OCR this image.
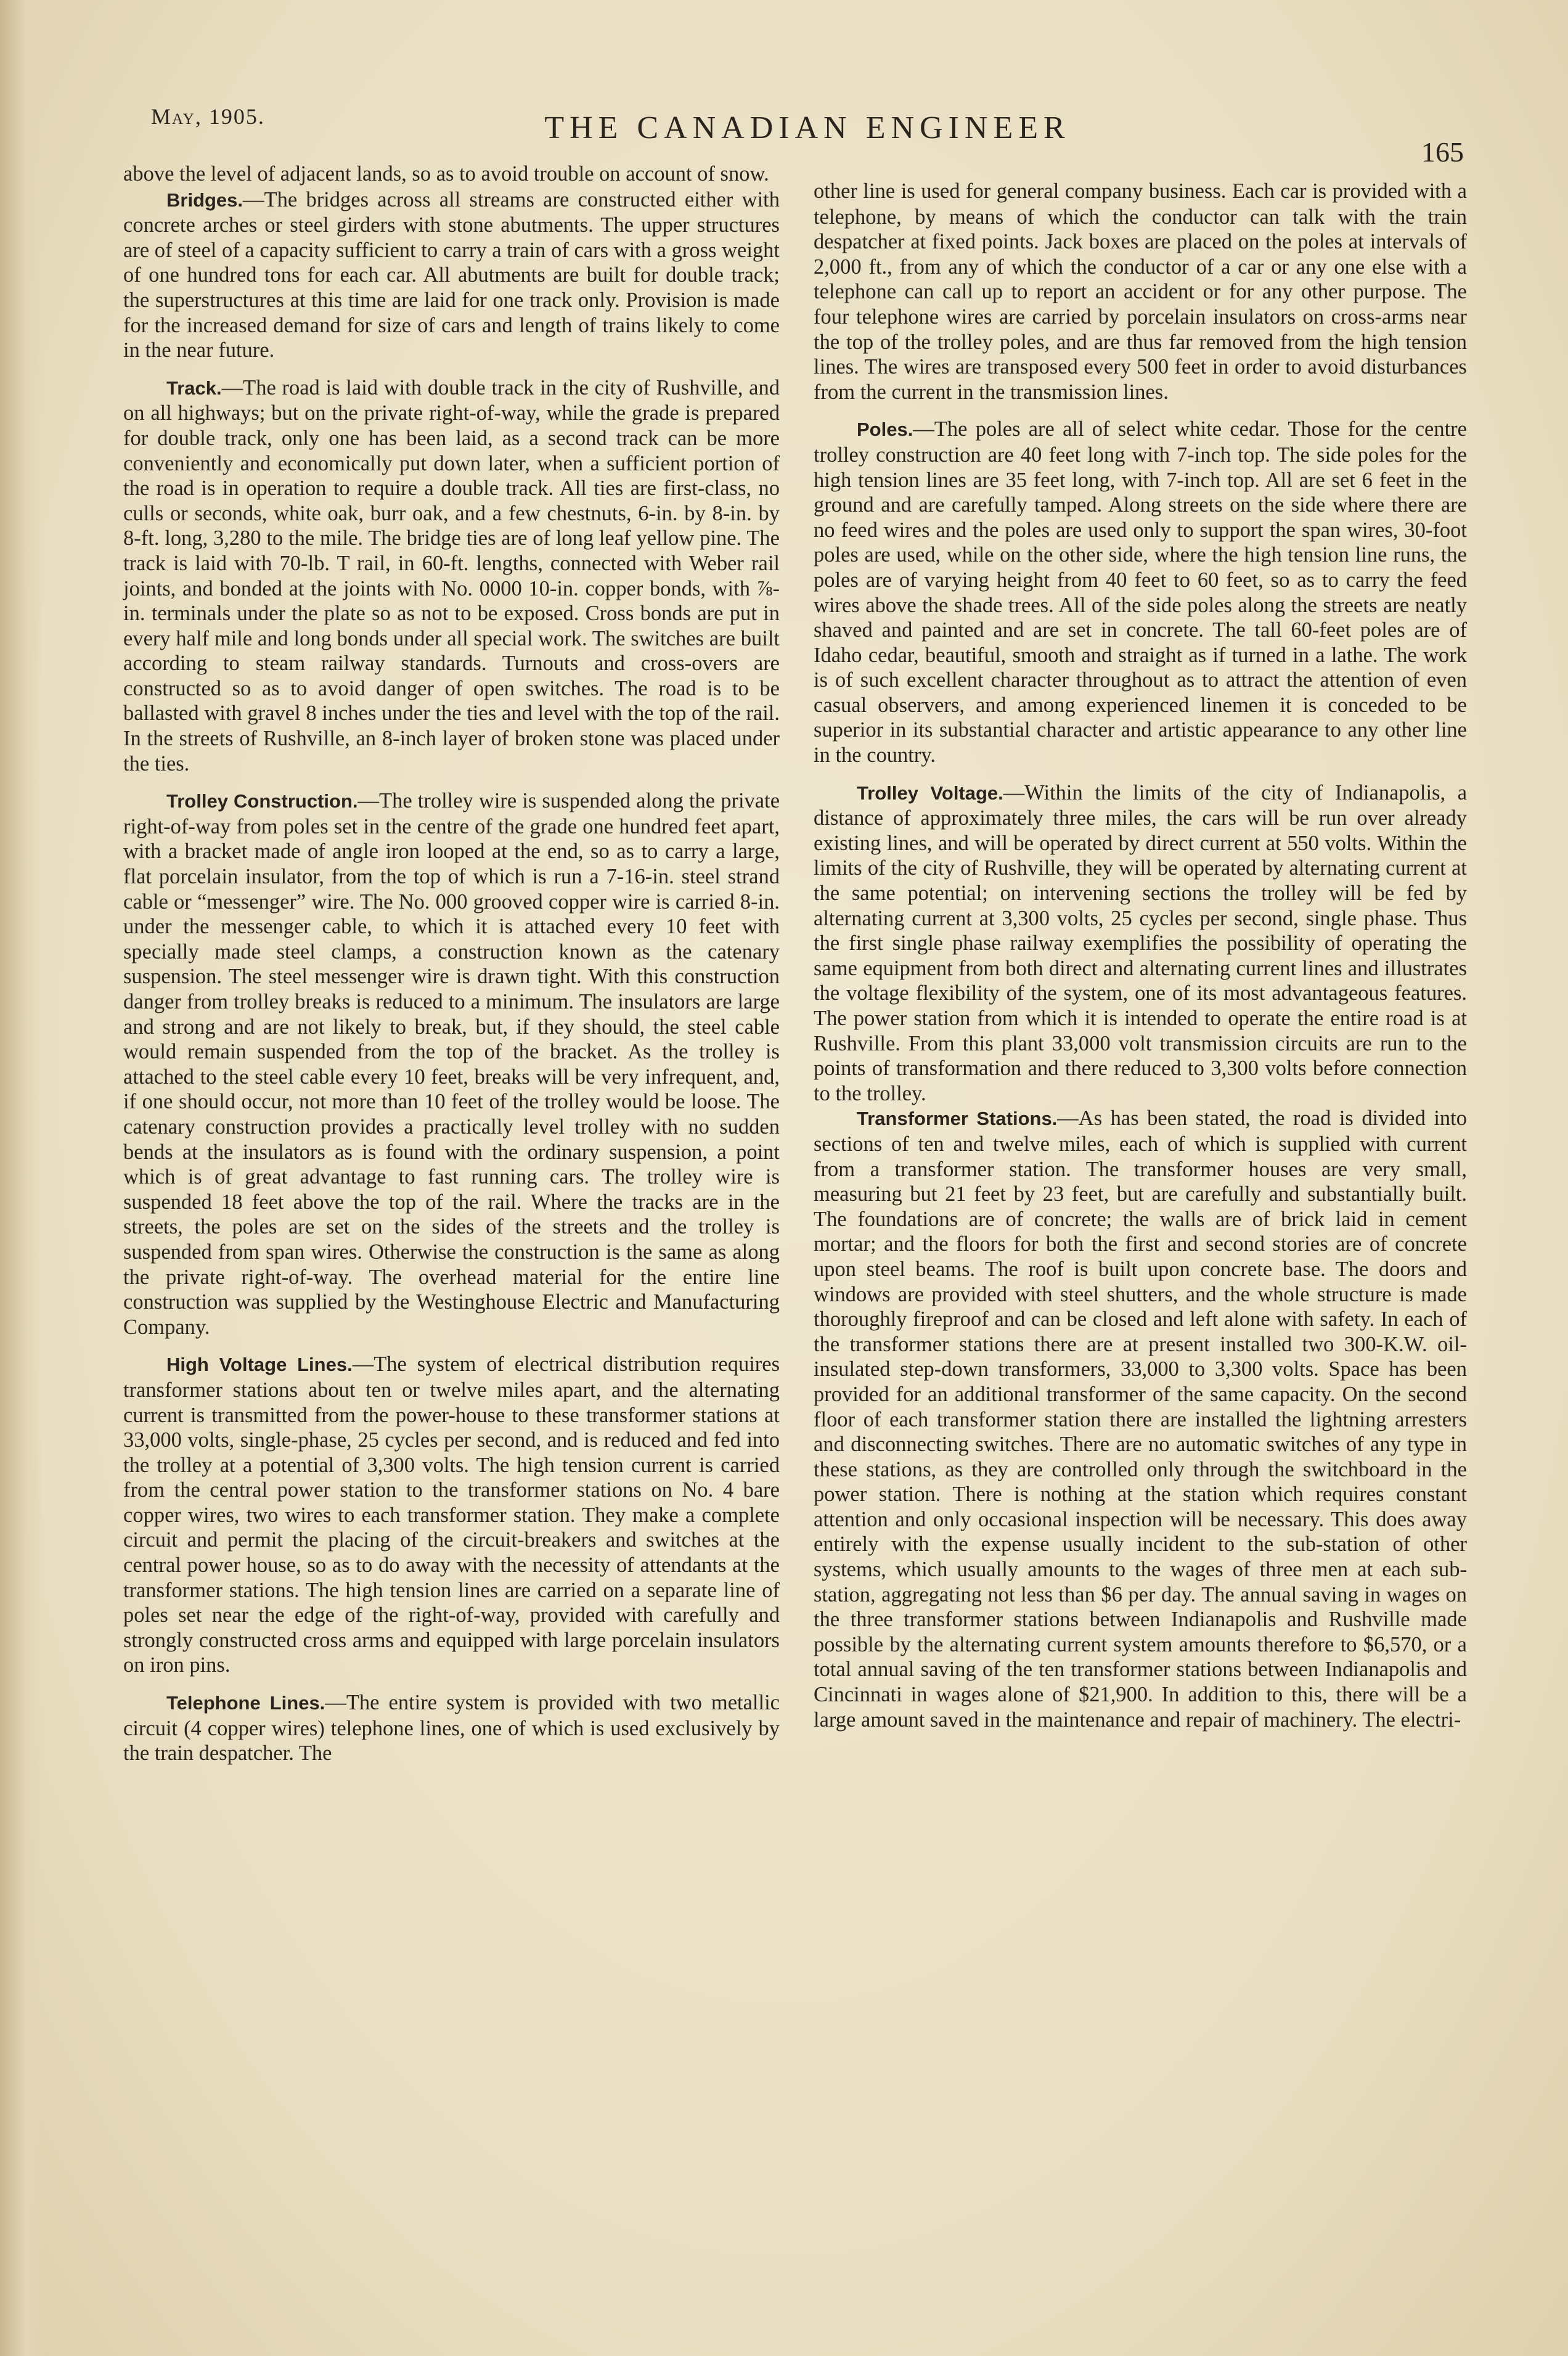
May, 1905.	THE CANADIAN ENGINEER
165

above the level of adjacent lands, so as to avoid trouble on account of snow.

Bridges.—The bridges across all streams are constructed either with concrete arches or steel girders with stone abutments. The upper structures are of steel of a capacity sufficient to carry a train of cars with a gross weight of one hundred tons for each car. All abutments are built for double track; the superstructures at this time are laid for one track only. Provision is made for the increased demand for size of cars and length of trains likely to come in the near future.

Track.—The road is laid with double track in the city of Rushville, and on all highways; but on the private right-of-way, while the grade is prepared for double track, only one has been laid, as a second track can be more conveniently and economically put down later, when a sufficient portion of the road is in operation to require a double track. All ties are first-class, no culls or seconds, white oak, burr oak, and a few chestnuts, 6-in. by 8-in. by 8-ft. long, 3,280 to the mile. The bridge ties are of long leaf yellow pine. The track is laid with 70-lb. T rail, in 60-ft. lengths, connected with Weber rail joints, and bonded at the joints with No. 0000 10-in. copper bonds, with ⅞-in. terminals under the plate so as not to be exposed. Cross bonds are put in every half mile and long bonds under all special work. The switches are built according to steam railway standards. Turnouts and cross-overs are constructed so as to avoid danger of open switches. The road is to be ballasted with gravel 8 inches under the ties and level with the top of the rail. In the streets of Rushville, an 8-inch layer of broken stone was placed under the ties.

Trolley Construction.—The trolley wire is suspended along the private right-of-way from poles set in the centre of the grade one hundred feet apart, with a bracket made of angle iron looped at the end, so as to carry a large, flat porcelain insulator, from the top of which is run a 7-16-in. steel strand cable or “messenger” wire. The No. 000 grooved copper wire is carried 8-in. under the messenger cable, to which it is attached every 10 feet with specially made steel clamps, a construction known as the catenary suspension. The steel messenger wire is drawn tight. With this construction danger from trolley breaks is reduced to a minimum. The insulators are large and strong and are not likely to break, but, if they should, the steel cable would remain suspended from the top of the bracket. As the trolley is attached to the steel cable every 10 feet, breaks will be very infrequent, and, if one should occur, not more than 10 feet of the trolley would be loose. The catenary construction provides a practically level trolley with no sudden bends at the insulators as is found with the ordinary suspension, a point which is of great advantage to fast running cars. The trolley wire is suspended 18 feet above the top of the rail. Where the tracks are in the streets, the poles are set on the sides of the streets and the trolley is suspended from span wires. Otherwise the construction is the same as along the private right-of-way. The overhead material for the entire line construction was supplied by the Westinghouse Electric and Manufacturing Company.

High Voltage Lines.—The system of electrical distribution requires transformer stations about ten or twelve miles apart, and the alternating current is transmitted from the power-house to these transformer stations at 33,000 volts, single-phase, 25 cycles per second, and is reduced and fed into the trolley at a potential of 3,300 volts. The high tension current is carried from the central power station to the transformer stations on No. 4 bare copper wires, two wires to each transformer station. They make a complete circuit and permit the placing of the circuit-breakers and switches at the central power house, so as to do away with the necessity of attendants at the transformer stations. The high tension lines are carried on a separate line of poles set near the edge of the right-of-way, provided with carefully and strongly constructed cross arms and equipped with large porcelain insulators on iron pins.

Telephone Lines.—The entire system is provided with two metallic circuit (4 copper wires) telephone lines, one of which is used exclusively by the train despatcher. The

other line is used for general company business. Each car is provided with a telephone, by means of which the conductor can talk with the train despatcher at fixed points. Jack boxes are placed on the poles at intervals of 2,000 ft., from any of which the conductor of a car or any one else with a telephone can call up to report an accident or for any other purpose. The four telephone wires are carried by porcelain insulators on cross-arms near the top of the trolley poles, and are thus far removed from the high tension lines. The wires are transposed every 500 feet in order to avoid disturbances from the current in the transmission lines.

Poles.—The poles are all of select white cedar. Those for the centre trolley construction are 40 feet long with 7-inch top. The side poles for the high tension lines are 35 feet long, with 7-inch top. All are set 6 feet in the ground and are carefully tamped. Along streets on the side where there are no feed wires and the poles are used only to support the span wires, 30-foot poles are used, while on the other side, where the high tension line runs, the poles are of varying height from 40 feet to 60 feet, so as to carry the feed wires above the shade trees. All of the side poles along the streets are neatly shaved and painted and are set in concrete. The tall 60-feet poles are of Idaho cedar, beautiful, smooth and straight as if turned in a lathe. The work is of such excellent character throughout as to attract the attention of even casual observers, and among experienced linemen it is conceded to be superior in its substantial character and artistic appearance to any other line in the country.

Trolley Voltage.—Within the limits of the city of Indianapolis, a distance of approximately three miles, the cars will be run over already existing lines, and will be operated by direct current at 550 volts. Within the limits of the city of Rushville, they will be operated by alternating current at the same potential; on intervening sections the trolley will be fed by alternating current at 3,300 volts, 25 cycles per second, single phase. Thus the first single phase railway exemplifies the possibility of operating the same equipment from both direct and alternating current lines and illustrates the voltage flexibility of the system, one of its most advantageous features. The power station from which it is intended to operate the entire road is at Rushville. From this plant 33,000 volt transmission circuits are run to the points of transformation and there reduced to 3,300 volts before connection to the trolley.

Transformer Stations.—As has been stated, the road is divided into sections of ten and twelve miles, each of which is supplied with current from a transformer station. The transformer houses are very small, measuring but 21 feet by 23 feet, but are carefully and substantially built. The foundations are of concrete; the walls are of brick laid in cement mortar; and the floors for both the first and second stories are of concrete upon steel beams. The roof is built upon concrete base. The doors and windows are provided with steel shutters, and the whole structure is made thoroughly fireproof and can be closed and left alone with safety. In each of the transformer stations there are at present installed two 300-K.W. oil-insulated step-down transformers, 33,000 to 3,300 volts. Space has been provided for an additional transformer of the same capacity. On the second floor of each transformer station there are installed the lightning arresters and disconnecting switches. There are no automatic switches of any type in these stations, as they are controlled only through the switchboard in the power station. There is nothing at the station which requires constant attention and only occasional inspection will be necessary. This does away entirely with the expense usually incident to the sub-station of other systems, which usually amounts to the wages of three men at each sub-station, aggregating not less than $6 per day. The annual saving in wages on the three transformer stations between Indianapolis and Rushville made possible by the alternating current system amounts therefore to $6,570, or a total annual saving of the ten transformer stations between Indianapolis and Cincinnati in wages alone of $21,900. In addition to this, there will be a large amount saved in the maintenance and repair of machinery. The electri-
